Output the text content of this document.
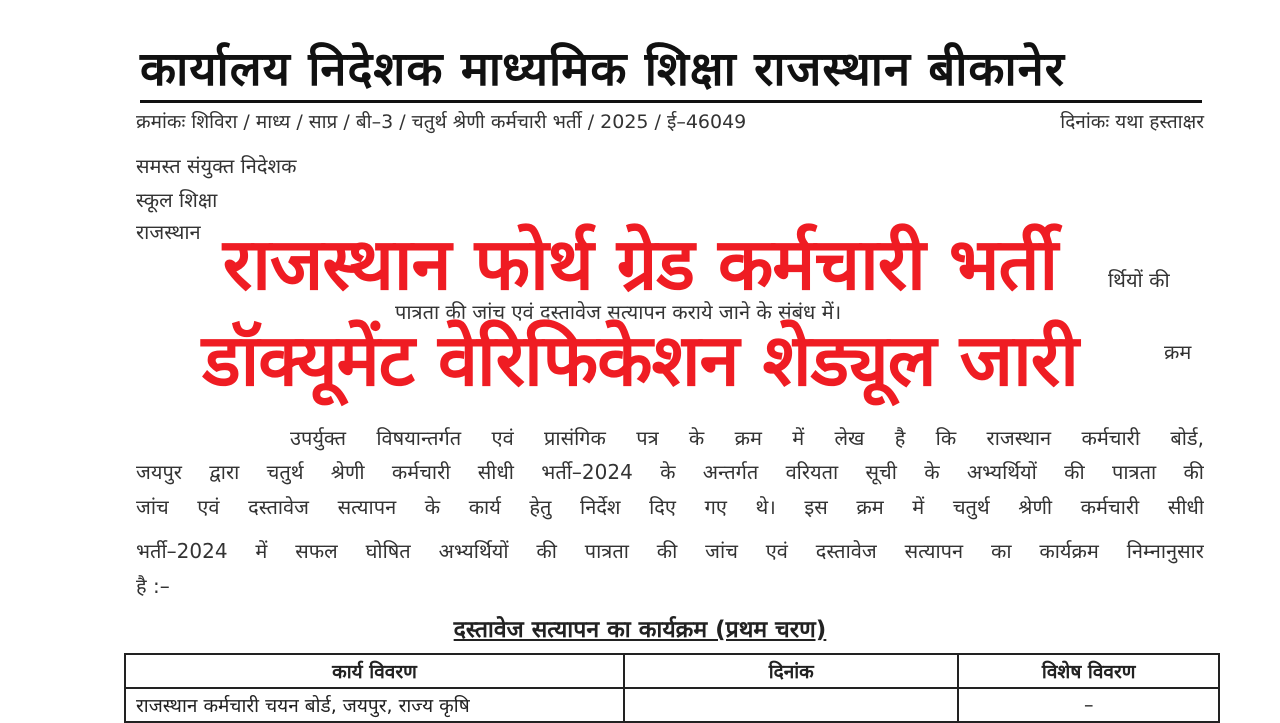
कार्यालय निदेशक माध्यमिक शिक्षा राजस्थान बीकानेर
क्रमांकः शिविरा / माध्य / साप्र / बी–3 / चतुर्थ श्रेणी कर्मचारी भर्ती / 2025 / ई–46049	दिनांकः यथा हस्ताक्षर
समस्त संयुक्त निदेशक
स्कूल शिक्षा
राजस्थान
र्थियों की
पात्रता की जांच एवं दस्तावेज सत्यापन कराये जाने के संबंध में।
क्रम
उपर्युक्त विषयान्तर्गत एवं प्रासंगिक पत्र के क्रम में लेख है कि राजस्थान कर्मचारी बोर्ड,
जयपुर द्वारा चतुर्थ श्रेणी कर्मचारी सीधी भर्ती–2024 के अन्तर्गत वरियता सूची के अभ्यर्थियों की पात्रता की
जांच एवं दस्तावेज सत्यापन के कार्य हेतु निर्देश दिए गए थे। इस क्रम में चतुर्थ श्रेणी कर्मचारी सीधी
भर्ती–2024 में सफल घोषित अभ्यर्थियों की पात्रता की जांच एवं दस्तावेज सत्यापन का कार्यक्रम निम्नानुसार
है :–
दस्तावेज सत्यापन का कार्यक्रम (प्रथम चरण)
कार्य विवरण	दिनांक	विशेष विवरण
राजस्थान कर्मचारी चयन बोर्ड, जयपुर, राज्य कृषि		–
राजस्थान फोर्थ ग्रेड कर्मचारी भर्ती
डॉक्यूमेंट वेरिफिकेशन शेड्यूल जारी
